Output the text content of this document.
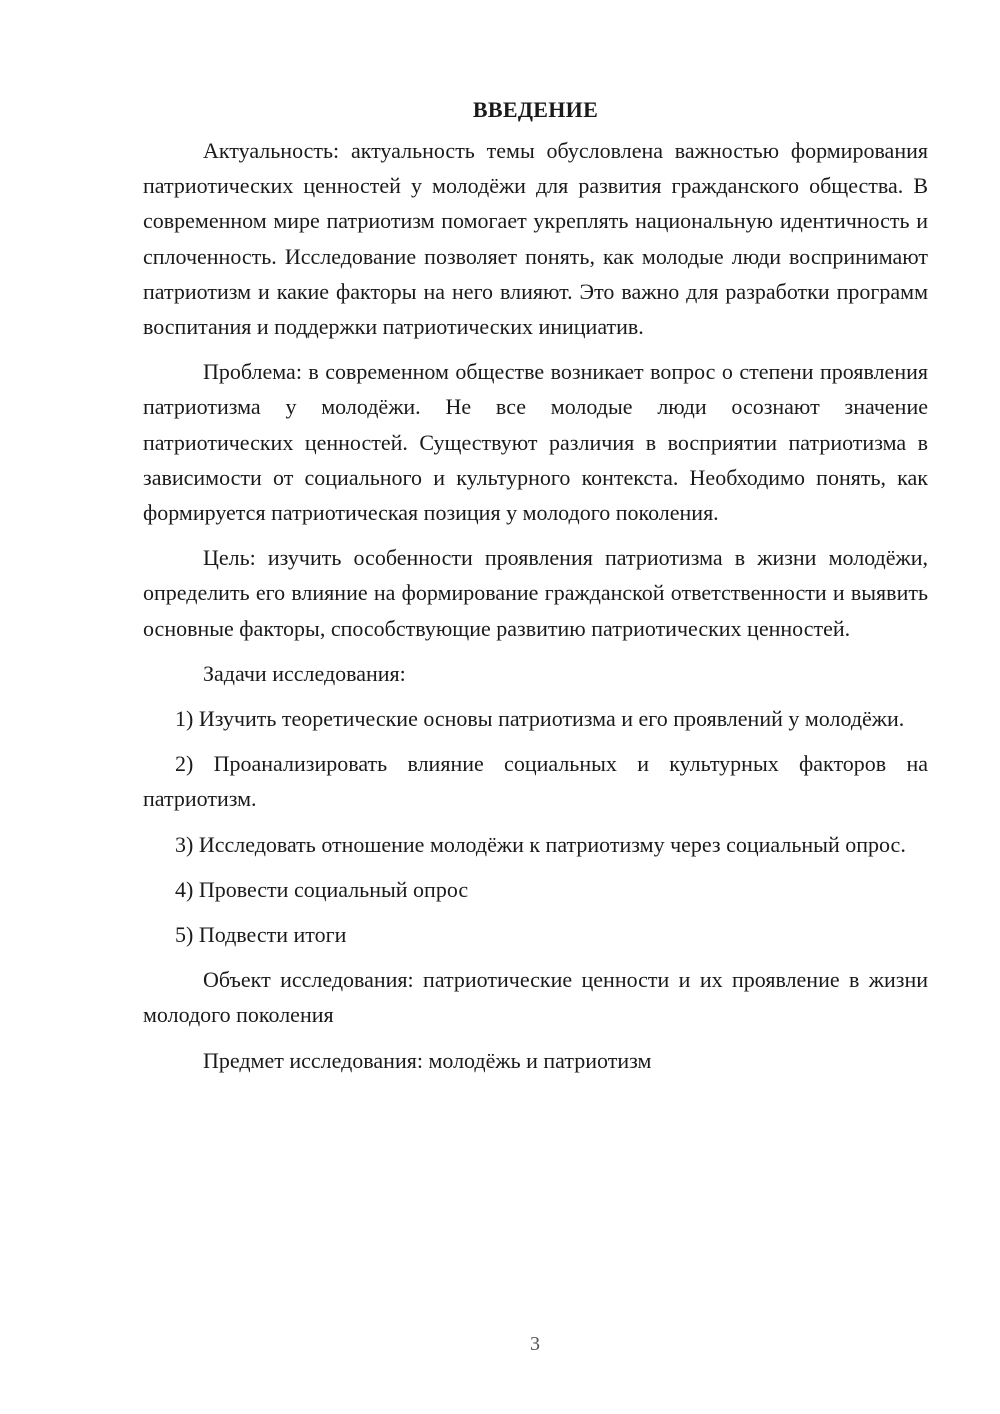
ВВЕДЕНИЕ

Актуальность: актуальность темы обусловлена важностью формирования патриотических ценностей у молодёжи для развития гражданского общества. В современном мире патриотизм помогает укреплять национальную идентичность и сплоченность. Исследование позволяет понять, как молодые люди воспринимают патриотизм и какие факторы на него влияют. Это важно для разработки программ воспитания и поддержки патриотических инициатив.

Проблема: в современном обществе возникает вопрос о степени проявления патриотизма у молодёжи. Не все молодые люди осознают значение патриотических ценностей. Существуют различия в восприятии патриотизма в зависимости от социального и культурного контекста. Необходимо понять, как формируется патриотическая позиция у молодого поколения.

Цель: изучить особенности проявления патриотизма в жизни молодёжи, определить его влияние на формирование гражданской ответственности и выявить основные факторы, способствующие развитию патриотических ценностей.

Задачи исследования:

1) Изучить теоретические основы патриотизма и его проявлений у молодёжи.

2) Проанализировать влияние социальных и культурных факторов на патриотизм.

3) Исследовать отношение молодёжи к патриотизму через социальный опрос.

4) Провести социальный опрос

5) Подвести итоги

Объект исследования: патриотические ценности и их проявление в жизни молодого поколения

Предмет исследования: молодёжь и патриотизм

3
